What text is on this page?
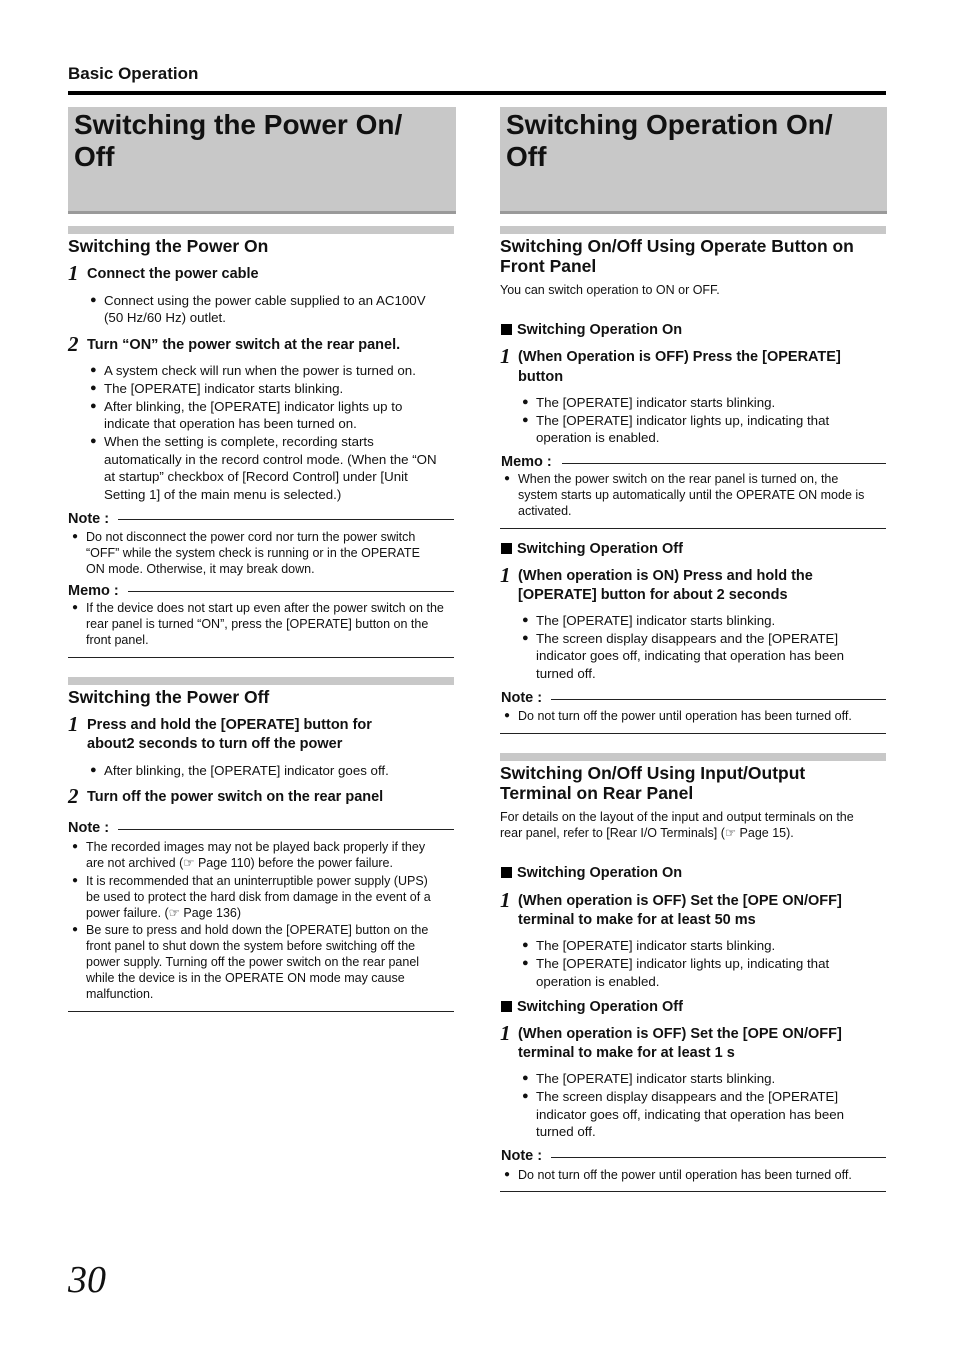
Basic Operation
Switching the Power On/
Off
Switching the Power On
1 Connect the power cable
● Connect using the power cable supplied to an AC100V
(50 Hz/60 Hz) outlet.
2 Turn “ON” the power switch at the rear panel.
● A system check will run when the power is turned on.
● The [OPERATE] indicator starts blinking.
● After blinking, the [OPERATE] indicator lights up to
indicate that operation has been turned on.
● When the setting is complete, recording starts
automatically in the record control mode. (When the “ON
at startup” checkbox of [Record Control] under [Unit
Setting 1] of the main menu is selected.)
Note :
● Do not disconnect the power cord nor turn the power switch
“OFF” while the system check is running or in the OPERATE
ON mode. Otherwise, it may break down.
Memo :
● If the device does not start up even after the power switch on the
rear panel is turned “ON”, press the [OPERATE] button on the
front panel.
Switching the Power Off
1 Press and hold the [OPERATE] button for
about2 seconds to turn off the power
● After blinking, the [OPERATE] indicator goes off.
2 Turn off the power switch on the rear panel
Note :
● The recorded images may not be played back properly if they
are not archived (☞ Page 110) before the power failure.
● It is recommended that an uninterruptible power supply (UPS)
be used to protect the hard disk from damage in the event of a
power failure. (☞ Page 136)
● Be sure to press and hold down the [OPERATE] button on the
front panel to shut down the system before switching off the
power supply. Turning off the power switch on the rear panel
while the device is in the OPERATE ON mode may cause
malfunction.
Switching Operation On/
Off
Switching On/Off Using Operate Button on
Front Panel
You can switch operation to ON or OFF.
Switching Operation On
1 (When Operation is OFF) Press the [OPERATE]
button
● The [OPERATE] indicator starts blinking.
● The [OPERATE] indicator lights up, indicating that
operation is enabled.
Memo :
● When the power switch on the rear panel is turned on, the
system starts up automatically until the OPERATE ON mode is
activated.
Switching Operation Off
1 (When operation is ON) Press and hold the
[OPERATE] button for about 2 seconds
● The [OPERATE] indicator starts blinking.
● The screen display disappears and the [OPERATE]
indicator goes off, indicating that operation has been
turned off.
Note :
● Do not turn off the power until operation has been turned off.
Switching On/Off Using Input/Output
Terminal on Rear Panel
For details on the layout of the input and output terminals on the
rear panel, refer to [Rear I/O Terminals] (☞ Page 15).
Switching Operation On
1 (When operation is OFF) Set the [OPE ON/OFF]
terminal to make for at least 50 ms
● The [OPERATE] indicator starts blinking.
● The [OPERATE] indicator lights up, indicating that
operation is enabled.
Switching Operation Off
1 (When operation is OFF) Set the [OPE ON/OFF]
terminal to make for at least 1 s
● The [OPERATE] indicator starts blinking.
● The screen display disappears and the [OPERATE]
indicator goes off, indicating that operation has been
turned off.
Note :
● Do not turn off the power until operation has been turned off.
30
